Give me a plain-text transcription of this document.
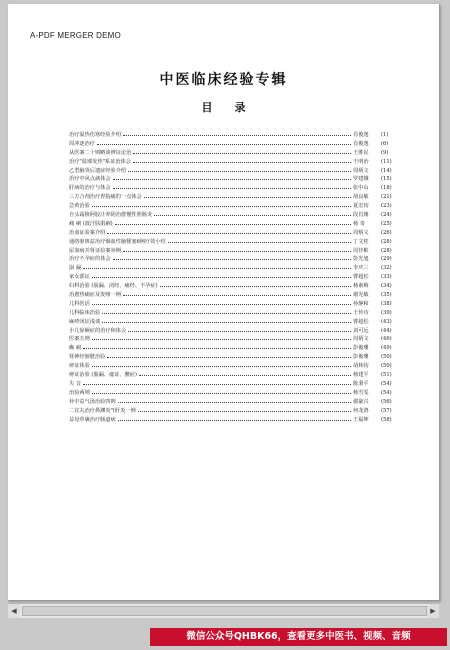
A-PDF MERGER DEMO
中医临床经验专辑
目录
治疗温热伤寒经验介绍	肖俊逸	(1)
周冲逐治疗	肖俊逸	(6)
从医案二十则略谈辨证论治	王胜民	(9)
治疗"温邪发热"系证治体会	王明治	(11)
乙型脑炎后遗症经验介绍	周炳文	(14)
治疗中风点滴体会	罗建娥	(15)
肝病的治疗与体会	张中山	(18)
三方合剂治疗胃脘痛的一点体会	胡良敏	(21)
急黄治验	夏宏钧	(23)
自头霜植阿胶汁养阴治愈慢性胆肠炎	段肖瑰	(24)
痛 痢 (波汗肤肌痢)	杨 奇	(25)
治血证验案介绍	周炳文	(26)
通络驱斑益治疗烟血性脑梗塞6例疗效小结	丁文桂	(28)
尿血病并肾证验案举例	周佳彬	(28)
治疗不孕症的体会	彭光旭	(29)
崩 漏	李庆三	(32)
家女部证	曹超松	(33)
妇科治验 (崩漏、闭经、痛经、不孕症)	杨素梅	(34)
治愈热痛症及发哑一例	谢光敏	(35)
儿科医话	孙静和	(38)
儿科临床治验	王传诗	(39)
麻疹闭证浅谈	曹超松	(43)
小儿惊厥症的治疗和体会	刘可远	(44)
医案五则	周炳文	(46)
癫 痫	彭俊珊	(49)
肾神经膀胱治验	彭俊珊	(50)
痹证体验	胡林钧	(50)
痹证治验 (脂漏、痿证、腰症)	杨建平	(51)
失 音	陈秉平	(54)
治验两则	杨雪雯	(54)
补中益气汤治验四则	谢豪兴	(56)
二宜丸治疗鼻渊炎"(肝炎一例	何龙鸿	(57)
益母草裹治疗肠道病	王福坤	(58)
◀	▶
微信公众号QHBK66，查看更多中医书、视频、音频
